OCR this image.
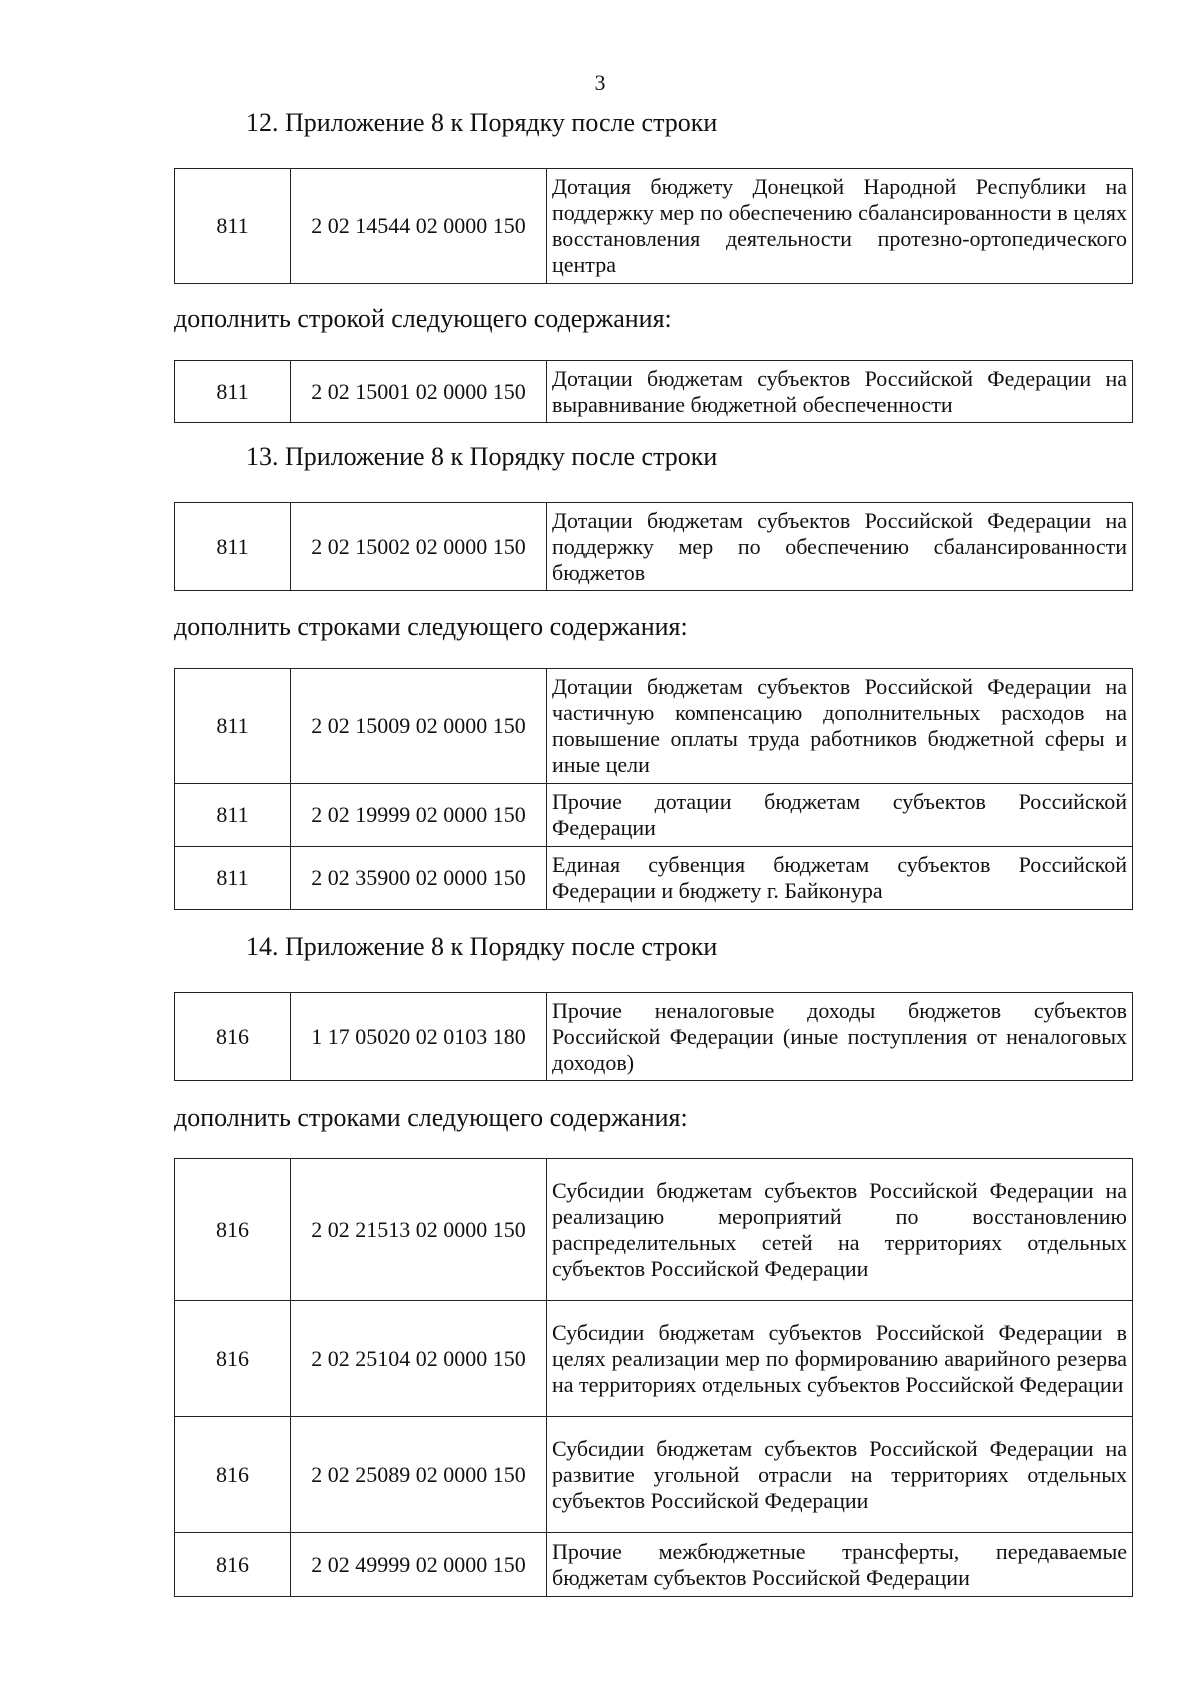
3
12. Приложение 8 к Порядку после строки
811	2 02 14544 02 0000 150	Дотация бюджету Донецкой Народной Республики на поддержку мер по обеспечению сбалансированности в целях восстановления деятельности протезно-ортопедического центра
дополнить строкой следующего содержания:
811	2 02 15001 02 0000 150	Дотации бюджетам субъектов Российской Федерации на выравнивание бюджетной обеспеченности
13. Приложение 8 к Порядку после строки
811	2 02 15002 02 0000 150	Дотации бюджетам субъектов Российской Федерации на поддержку мер по обеспечению сбалансированности бюджетов
дополнить строками следующего содержания:
811	2 02 15009 02 0000 150	Дотации бюджетам субъектов Российской Федерации на частичную компенсацию дополнительных расходов на повышение оплаты труда работников бюджетной сферы и иные цели
811	2 02 19999 02 0000 150	Прочие дотации бюджетам субъектов Российской Федерации
811	2 02 35900 02 0000 150	Единая субвенция бюджетам субъектов Российской Федерации и бюджету г. Байконура
14. Приложение 8 к Порядку после строки
816	1 17 05020 02 0103 180	Прочие неналоговые доходы бюджетов субъектов Российской Федерации (иные поступления от неналоговых доходов)
дополнить строками следующего содержания:
816	2 02 21513 02 0000 150	Субсидии бюджетам субъектов Российской Федерации на реализацию мероприятий по восстановлению распределительных сетей на территориях отдельных субъектов Российской Федерации
816	2 02 25104 02 0000 150	Субсидии бюджетам субъектов Российской Федерации в целях реализации мер по формированию аварийного резерва на территориях отдельных субъектов Российской Федерации
816	2 02 25089 02 0000 150	Субсидии бюджетам субъектов Российской Федерации на развитие угольной отрасли на территориях отдельных субъектов Российской Федерации
816	2 02 49999 02 0000 150	Прочие межбюджетные трансферты, передаваемые бюджетам субъектов Российской Федерации
